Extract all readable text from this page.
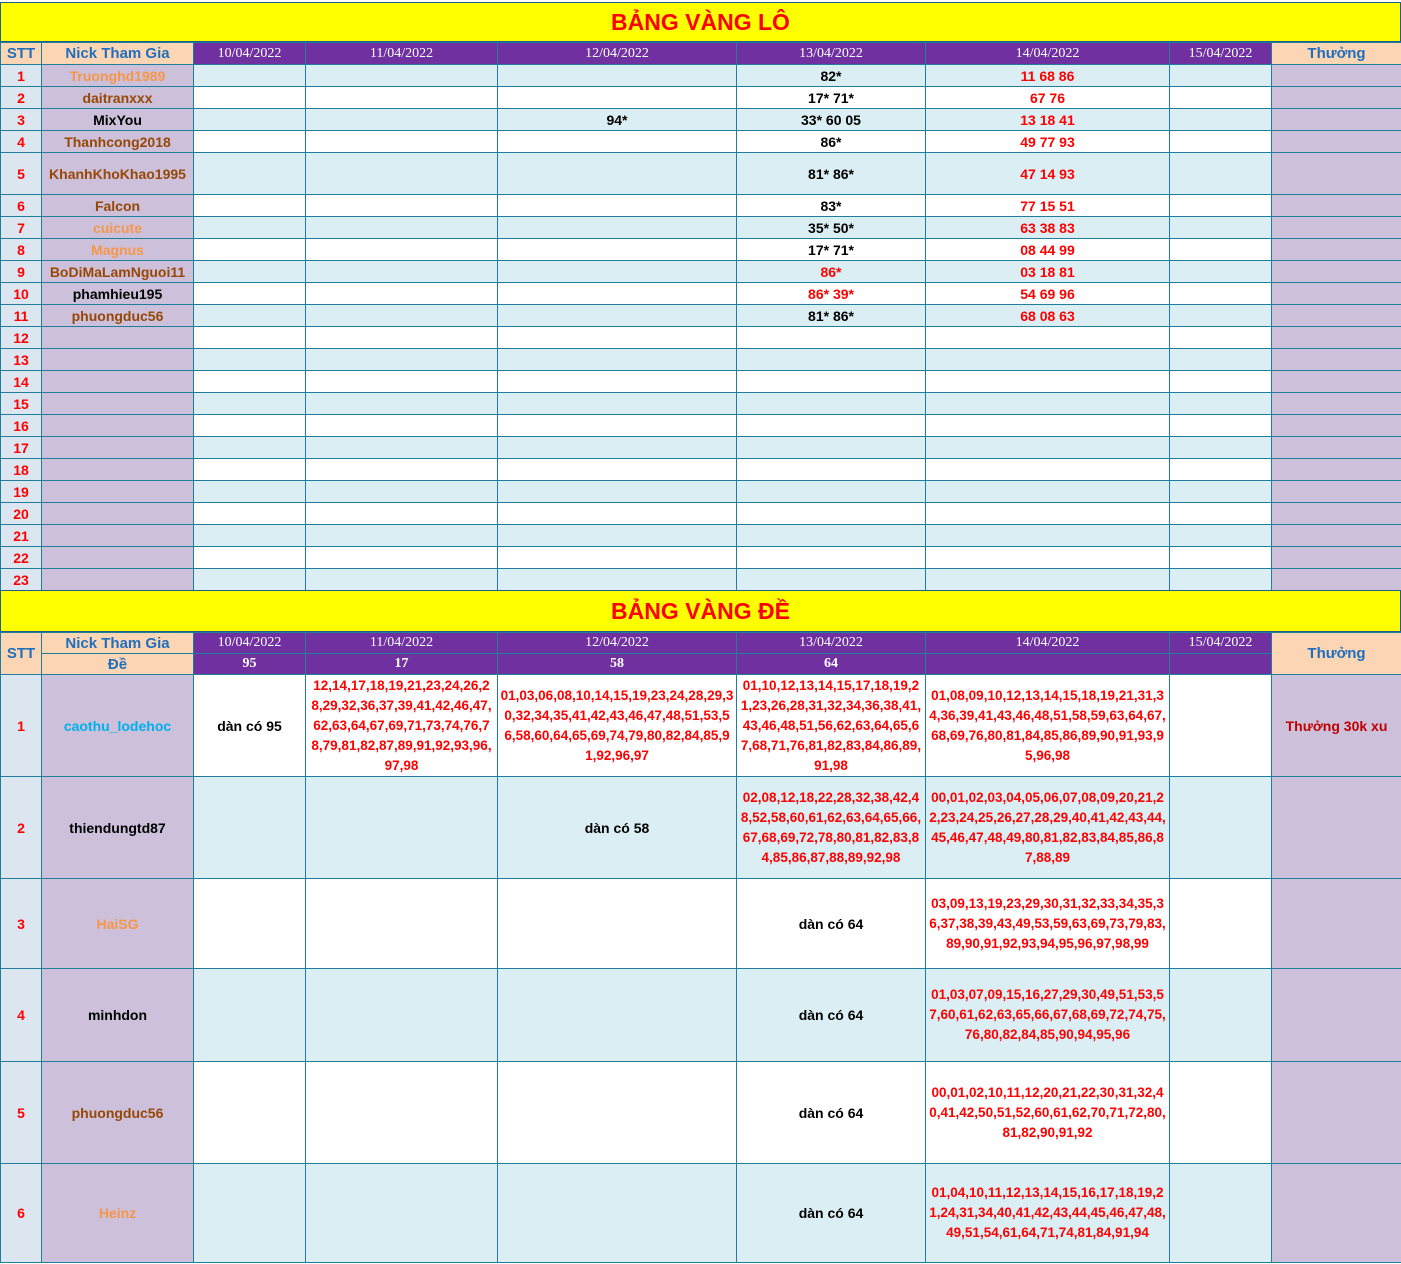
BẢNG VÀNG LÔ
STT	Nick Tham Gia	10/04/2022	11/04/2022	12/04/2022	13/04/2022	14/04/2022	15/04/2022	Thưởng
1	Truonghd1989				82*	11 68 86		
2	daitranxxx				17* 71*	67 76		
3	MixYou			94*	33* 60 05	13 18 41		
4	Thanhcong2018				86*	49 77 93		
5	KhanhKhoKhao1995				81* 86*	47 14 93		
6	Falcon				83*	77 15 51		
7	cuicute				35* 50*	63 38 83		
8	Magnus				17* 71*	08 44 99		
9	BoDiMaLamNguoi11				86*	03 18 81		
10	phamhieu195				86* 39*	54 69 96		
11	phuongduc56				81* 86*	68 08 63		
12								
13								
14								
15								
16								
17								
18								
19								
20								
21								
22								
23								
BẢNG VÀNG ĐỀ
STT	Nick Tham Gia	10/04/2022	11/04/2022	12/04/2022	13/04/2022	14/04/2022	15/04/2022	Thưởng
	Đề	95	17	58	64			
1	caothu_lodehoc	dàn có 95	12,14,17,18,19,21,23,24,26,28,29,32,36,37,39,41,42,46,47,62,63,64,67,69,71,73,74,76,78,79,81,82,87,89,91,92,93,96,97,98	01,03,06,08,10,14,15,19,23,24,28,29,30,32,34,35,41,42,43,46,47,48,51,53,56,58,60,64,65,69,74,79,80,82,84,85,91,92,96,97	01,10,12,13,14,15,17,18,19,21,23,26,28,31,32,34,36,38,41,43,46,48,51,56,62,63,64,65,67,68,71,76,81,82,83,84,86,89,91,98	01,08,09,10,12,13,14,15,18,19,21,31,34,36,39,41,43,46,48,51,58,59,63,64,67,68,69,76,80,81,84,85,86,89,90,91,93,95,96,98		Thưởng 30k xu
2	thiendungtd87			dàn có 58	02,08,12,18,22,28,32,38,42,48,52,58,60,61,62,63,64,65,66,67,68,69,72,78,80,81,82,83,84,85,86,87,88,89,92,98	00,01,02,03,04,05,06,07,08,09,20,21,22,23,24,25,26,27,28,29,40,41,42,43,44,45,46,47,48,49,80,81,82,83,84,85,86,87,88,89		
3	HaiSG				dàn có 64	03,09,13,19,23,29,30,31,32,33,34,35,36,37,38,39,43,49,53,59,63,69,73,79,83,89,90,91,92,93,94,95,96,97,98,99		
4	minhdon				dàn có 64	01,03,07,09,15,16,27,29,30,49,51,53,57,60,61,62,63,65,66,67,68,69,72,74,75,76,80,82,84,85,90,94,95,96		
5	phuongduc56				dàn có 64	00,01,02,10,11,12,20,21,22,30,31,32,40,41,42,50,51,52,60,61,62,70,71,72,80,81,82,90,91,92		
6	Heinz				dàn có 64	01,04,10,11,12,13,14,15,16,17,18,19,21,24,31,34,40,41,42,43,44,45,46,47,48,49,51,54,61,64,71,74,81,84,91,94		
